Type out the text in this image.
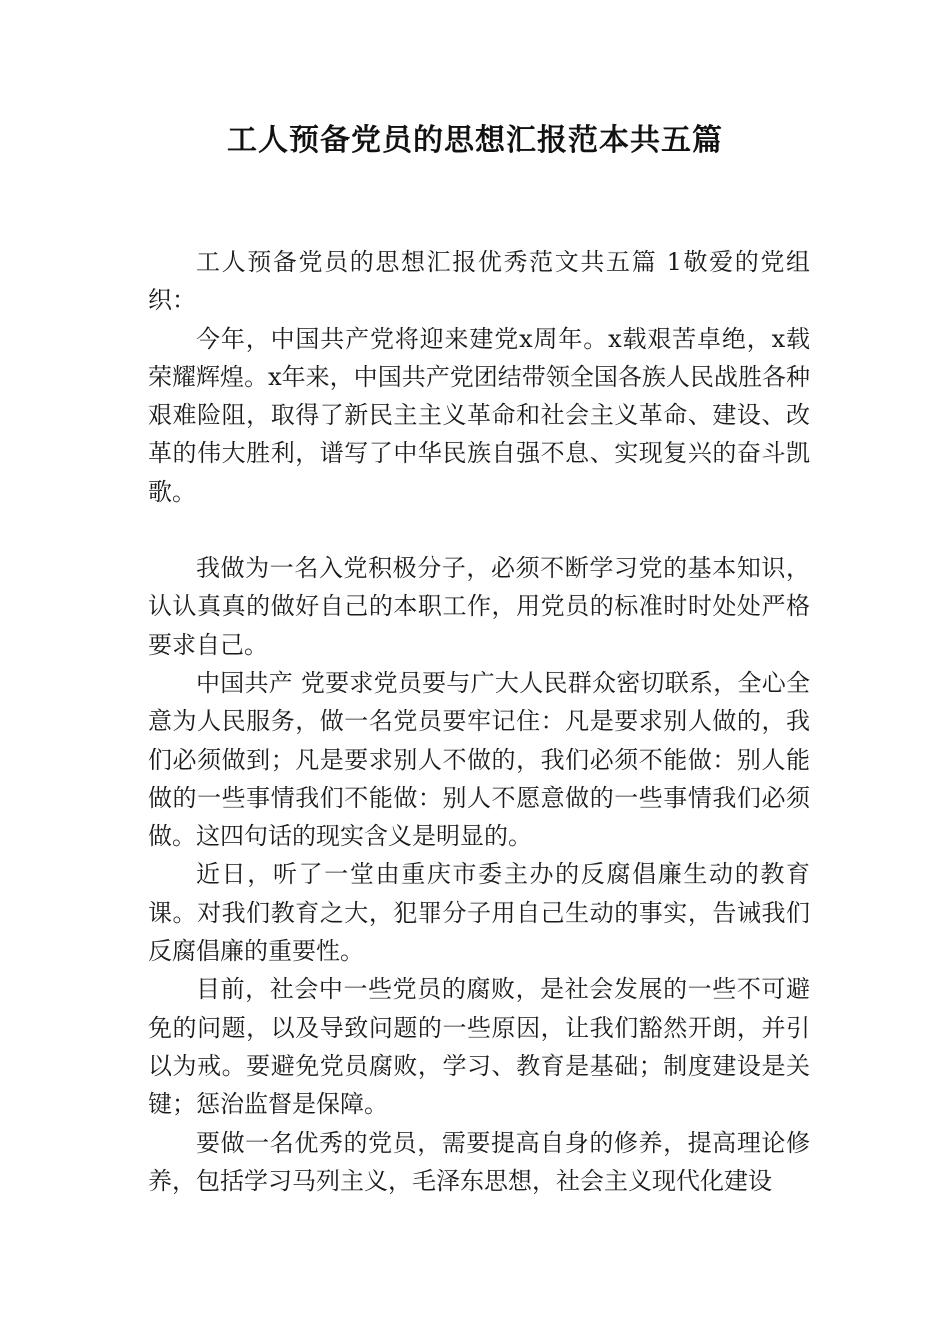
工人预备党员的思想汇报范本共五篇

工人预备党员的思想汇报优秀范文共五篇 1敬爱的党组织：

今年，中国共产党将迎来建党x周年。x载艰苦卓绝，x载荣耀辉煌。x年来，中国共产党团结带领全国各族人民战胜各种艰难险阻，取得了新民主主义革命和社会主义革命、建设、改革的伟大胜利，谱写了中华民族自强不息、实现复兴的奋斗凯歌。

我做为一名入党积极分子，必须不断学习党的基本知识，认认真真的做好自己的本职工作，用党员的标准时时处处严格要求自己。

中国共产 党要求党员要与广大人民群众密切联系，全心全意为人民服务，做一名党员要牢记住：凡是要求别人做的，我们必须做到；凡是要求别人不做的，我们必须不能做：别人能做的一些事情我们不能做：别人不愿意做的一些事情我们必须做。这四句话的现实含义是明显的。

近日，听了一堂由重庆市委主办的反腐倡廉生动的教育课。对我们教育之大，犯罪分子用自己生动的事实，告诫我们反腐倡廉的重要性。

目前，社会中一些党员的腐败，是社会发展的一些不可避免的问题，以及导致问题的一些原因，让我们豁然开朗，并引以为戒。要避免党员腐败，学习、教育是基础；制度建设是关键；惩治监督是保障。

要做一名优秀的党员，需要提高自身的修养，提高理论修养，包括学习马列主义，毛泽东思想，社会主义现代化建设
